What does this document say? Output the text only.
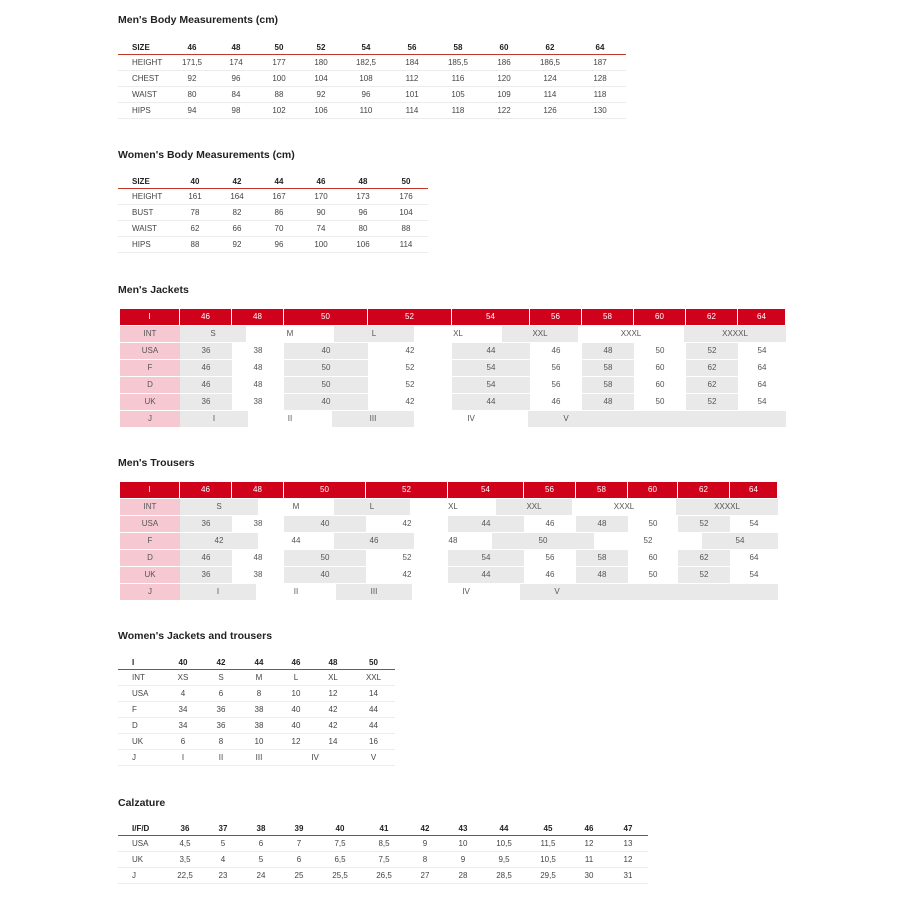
Men's Body Measurements (cm)
SIZE	46	48	50	52	54	56	58	60	62	64
HEIGHT	171,5	174	177	180	182,5	184	185,5	186	186,5	187
CHEST	92	96	100	104	108	112	116	120	124	128
WAIST	80	84	88	92	96	101	105	109	114	118
HIPS	94	98	102	106	110	114	118	122	126	130
Women's Body Measurements (cm)
SIZE	40	42	44	46	48	50
HEIGHT	161	164	167	170	173	176
BUST	78	82	86	90	96	104
WAIST	62	66	70	74	80	88
HIPS	88	92	96	100	106	114
Men's Jackets
I	46	48	50	52	54	56	58	60	62	64
INT	S	M	L	XL	XXL	XXXL	XXXXL
USA	36	38	40	42	44	46	48	50	52	54
F	46	48	50	52	54	56	58	60	62	64
D	46	48	50	52	54	56	58	60	62	64
UK	36	38	40	42	44	46	48	50	52	54
J	I	II	III	IV	V
Men's Trousers
I	46	48	50	52	54	56	58	60	62	64
INT	S	M	L	XL	XXL	XXXL	XXXXL
USA	36	38	40	42	44	46	48	50	52	54
F	42	44	46	48	50	52	54
D	46	48	50	52	54	56	58	60	62	64
UK	36	38	40	42	44	46	48	50	52	54
J	I	II	III	IV	V
Women's Jackets and trousers
I	40	42	44	46	48	50
INT	XS	S	M	L	XL	XXL
USA	4	6	8	10	12	14
F	34	36	38	40	42	44
D	34	36	38	40	42	44
UK	6	8	10	12	14	16
J	I	II	III	IV		V
Calzature
I/F/D	36	37	38	39	40	41	42	43	44	45	46	47
USA	4,5	5	6	7	7,5	8,5	9	10	10,5	11,5	12	13
UK	3,5	4	5	6	6,5	7,5	8	9	9,5	10,5	11	12
J	22,5	23	24	25	25,5	26,5	27	28	28,5	29,5	30	31
